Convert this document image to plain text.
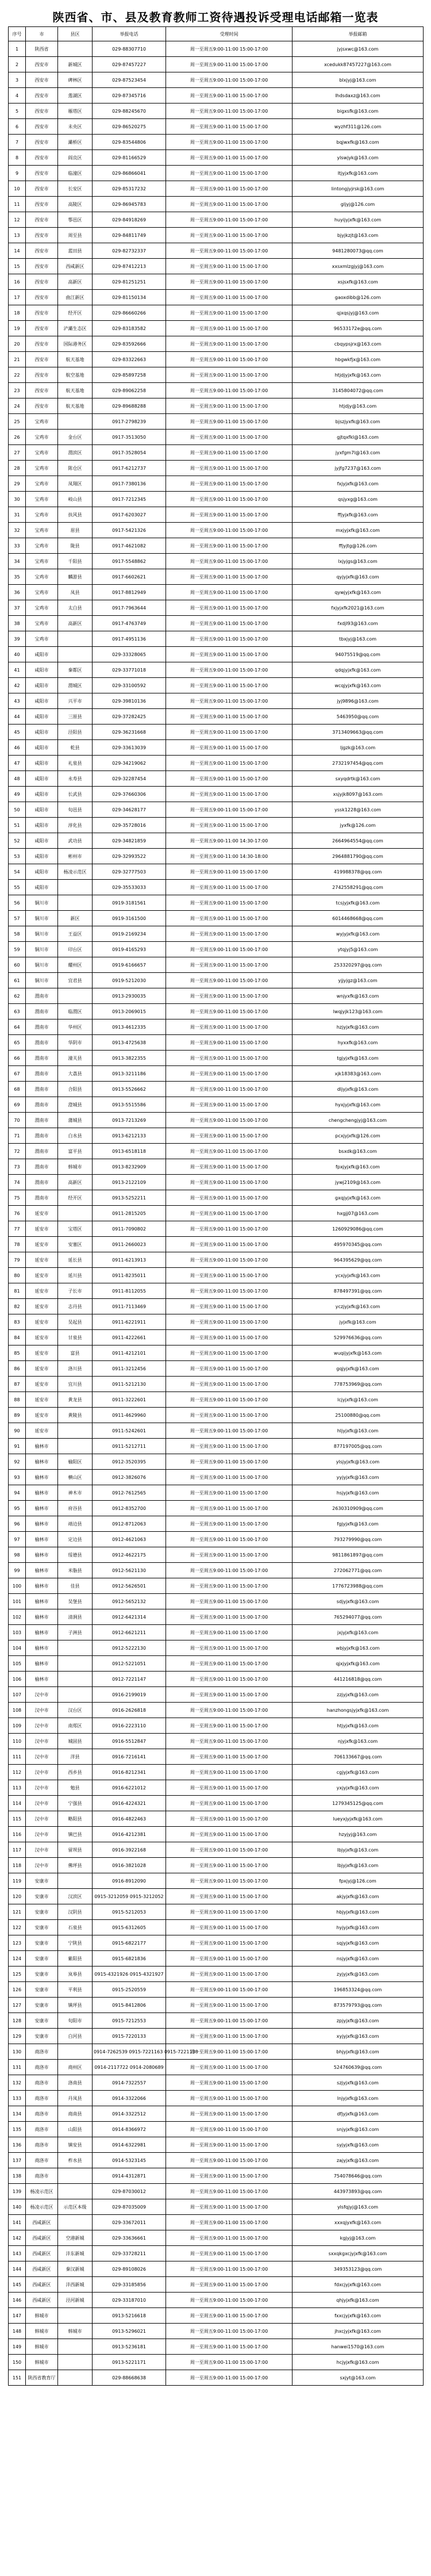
陕西省、市、县及教育教师工资待遇投诉受理电话邮箱一览表
序号	市	县区	举报电话	受理时间	举报邮箱
1	陕西省		029-88307710	周一至周五9:00-11:00 15:00-17:00	jyjsxwc@163.com
2	西安市	新城区	029-87457227	周一至周五9:00-11:00 15:00-17:00	xcedukk87457227@163.com
3	西安市	碑林区	029-87523454	周一至周五9:00-11:00 15:00-17:00	blxjyj@163.com
4	西安市	莲湖区	029-87345716	周一至周五9:00-11:00 15:00-17:00	lhdsdaxz@163.com
5	西安市	雁塔区	029-88245670	周一至周五9:00-11:00 15:00-17:00	bigxsfk@163.com
6	西安市	未央区	029-86520275	周一至周五9:00-11:00 15:00-17:00	wyzhf311@126.com
7	西安市	灞桥区	029-83544806	周一至周五9:00-11:00 15:00-17:00	bqjwxfk@163.com
8	西安市	阎良区	029-81166529	周一至周五9:00-11:00 15:00-17:00	ylswjyk@163.com
9	西安市	临潼区	029-86866041	周一至周五9:00-11:00 15:00-17:00	ltjyjxfk@163.com
10	西安市	长安区	029-85317232	周一至周五9:00-11:00 15:00-17:00	lintongjyjrsk@163.com
11	西安市	高陵区	029-86945783	周一至周五9:00-11:00 15:00-17:00	gljyj@126.com
12	西安市	鄠邑区	029-84918269	周一至周五9:00-11:00 15:00-17:00	huyijyjxfk@163.com
13	西安市	周至县	029-84811749	周一至周五9:00-11:00 15:00-17:00	bjyjkzjt@163.com
14	西安市	蓝田县	029-82732337	周一至周五9:00-11:00 15:00-17:00	9481280073@qq.com
15	西安市	西咸新区	029-87412213	周一至周五9:00-11:00 15:00-17:00	xxsxmlzgjyj@163.com
16	西安市	高新区	029-81251251	周一至周五9:00-11:00 15:00-17:00	xsjsxfk@163.com
17	西安市	曲江新区	029-81150134	周一至周五9:00-11:00 15:00-17:00	gaoxdibb@126.com
18	西安市	经开区	029-86660266	周一至周五9:00-11:00 15:00-17:00	qjxqsjyj@163.com
19	西安市	浐灞生态区	029-83183582	周一至周五9:00-11:00 15:00-17:00	96533172e@qq.com
20	西安市	国际港务区	029-83592666	周一至周五9:00-11:00 15:00-17:00	cbqypsjrx@163.com
21	西安市	航天基地	029-83322663	周一至周五9:00-11:00 15:00-17:00	hbgwkfjx@163.com
22	西安市	航空基地	029-85897258	周一至周五9:00-11:00 15:00-17:00	htjdjyjxfk@163.com
23	西安市	航天基地	029-89062258	周一至周五9:00-11:00 15:00-17:00	3145804072@qq.com
24	西安市	航天基地	029-89688288	周一至周五9:00-11:00 15:00-17:00	htjdjy@163.com
25	宝鸡市		0917-2798239	周一至周五9:00-11:00 15:00-17:00	bjszjyxfk@163.com
26	宝鸡市	金台区	0917-3513050	周一至周五9:00-11:00 15:00-17:00	gjtqxfkl@163.com
27	宝鸡市	渭滨区	0917-3528054	周一至周五9:00-11:00 15:00-17:00	jyxfgm7l@163.com
28	宝鸡市	陈仓区	0917-6212737	周一至周五9:00-11:00 15:00-17:00	jyjfg7237@163.com
29	宝鸡市	凤翔区	0917-7380136	周一至周五9:00-11:00 15:00-17:00	fxjyjxfk@163.com
30	宝鸡市	岐山县	0917-7212345	周一至周五9:00-11:00 15:00-17:00	qsjyxg@163.com
31	宝鸡市	扶风县	0917-6203027	周一至周五9:00-11:00 15:00-17:00	ffjyjxfk@163.com
32	宝鸡市	眉县	0917-5421326	周一至周五9:00-11:00 15:00-17:00	mxjyjxfk@163.com
33	宝鸡市	陇县	0917-4621082	周一至周五9:00-11:00 15:00-17:00	ffjyjtg@126.com
34	宝鸡市	千阳县	0917-5548862	周一至周五9:00-11:00 15:00-17:00	lxjyjgs@163.com
35	宝鸡市	麟游县	0917-6602621	周一至周五9:00-11:00 15:00-17:00	qyjyjxfk@163.com
36	宝鸡市	凤县	0917-8812949	周一至周五9:00-11:00 15:00-17:00	qywjyjxfk@163.com
37	宝鸡市	太白县	0917-7963644	周一至周五9:00-11:00 15:00-17:00	fxjyjxfk2021@163.com
38	宝鸡市	高新区	0917-4763749	周一至周五9:00-11:00 15:00-17:00	fxdjl93@163.com
39	宝鸡市		0917-4951136	周一至周五9:00-11:00 15:00-17:00	tbxjyj@163.com
40	咸阳市		029-33328065	周一至周五9:00-11:00 15:00-17:00	94075519@qq.com
41	咸阳市	秦都区	029-33771018	周一至周五9:00-11:00 15:00-17:00	qdqjyjxfk@163.com
42	咸阳市	渭城区	029-33100592	周一至周五9:00-11:00 15:00-17:00	wcqjyjxfk@163.com
43	咸阳市	兴平市	029-39810136	周一至周五9:00-11:00 15:00-17:00	jyj9896@163.com
44	咸阳市	三原县	029-37282425	周一至周五9:00-11:00 15:00-17:00	5463950@qq.com
45	咸阳市	泾阳县	029-36231668	周一至周五9:00-11:00 15:00-17:00	3713409663@qq.com
46	咸阳市	乾县	029-33613039	周一至周五9:00-11:00 15:00-17:00	ljgzk@163.com
47	咸阳市	礼泉县	029-34219062	周一至周五9:00-11:00 15:00-17:00	2732197454@qq.com
48	咸阳市	永寿县	029-32287454	周一至周五9:00-11:00 15:00-17:00	sxyqdrtk@163.com
49	咸阳市	长武县	029-37660306	周一至周五9:00-11:00 15:00-17:00	xsjyjk8097@163.com
50	咸阳市	旬邑县	029-34628177	周一至周五9:00-11:00 15:00-17:00	yssk1228@163.com
51	咸阳市	淳化县	029-35728016	周一至周五9:00-11:00 15:00-17:00	jyxfk@126.com
52	咸阳市	武功县	029-34821859	周一至周五9:00-11:00 14:30-17:00	2664964554@qq.com
53	咸阳市	彬州市	029-32993522	周一至周五9:00-11:00 14:30-18:00	2964881790@qq.com
54	咸阳市	杨凌示范区	029-32777503	周一至周五9:00-11:00 15:00-17:00	419988378@qq.com
55	咸阳市		029-35533033	周一至周五9:00-11:00 15:00-17:00	2742558291@qq.com
56	铜川市		0919-3181561	周一至周五9:00-11:00 15:00-17:00	tcsjyjxfk@163.com
57	铜川市	新区	0919-3161500	周一至周五9:00-11:00 15:00-17:00	6014468668@qq.com
58	铜川市	王益区	0919-2169234	周一至周五9:00-11:00 15:00-17:00	wyjyjxfk@163.com
59	铜川市	印台区	0919-4165293	周一至周五9:00-11:00 15:00-17:00	ytqjyj5@163.com
60	铜川市	耀州区	0919-6166657	周一至周五9:00-11:00 15:00-17:00	253320297@qq.com
61	铜川市	宜君县	0919-5212030	周一至周五9:00-11:00 15:00-17:00	yjjyjgz@163.com
62	渭南市		0913-2930035	周一至周五9:00-11:00 15:00-17:00	wnjyxfk@163.com
63	渭南市	临渭区	0913-2069015	周一至周五9:00-11:00 15:00-17:00	lwqjyjk123@163.com
64	渭南市	华州区	0913-4612335	周一至周五9:00-11:00 15:00-17:00	hzjyjxfk@163.com
65	渭南市	华阴市	0913-4725638	周一至周五9:00-11:00 15:00-17:00	hyxxfk@163.com
66	渭南市	潼关县	0913-3822355	周一至周五9:00-11:00 15:00-17:00	tgjyjxfk@163.com
67	渭南市	大荔县	0913-3211186	周一至周五9:00-11:00 15:00-17:00	xjk18383@163.com
68	渭南市	合阳县	0913-5526662	周一至周五9:00-11:00 15:00-17:00	dljyjxfk@163.com
69	渭南市	澄城县	0913-5515586	周一至周五9:00-11:00 15:00-17:00	hyxjyjxfk@163.com
70	渭南市	蒲城县	0913-7213269	周一至周五9:00-11:00 15:00-17:00	chengchengjyj@163.com
71	渭南市	白水县	0913-6212133	周一至周五9:00-11:00 15:00-17:00	pcxjyjxfk@126.com
72	渭南市	富平县	0913-6518118	周一至周五9:00-11:00 15:00-17:00	bsxdk@163.com
73	渭南市	韩城市	0913-8232909	周一至周五9:00-11:00 15:00-17:00	fpxjyjxfk@163.com
74	渭南市	高新区	0913-2122109	周一至周五9:00-11:00 15:00-17:00	jywj2109@163.com
75	渭南市	经开区	0913-5252211	周一至周五9:00-11:00 15:00-17:00	gxqjyjxfk@163.com
76	延安市		0911-2815205	周一至周五9:00-11:00 15:00-17:00	hxgjj07@163.com
77	延安市	宝塔区	0911-7090802	周一至周五9:00-11:00 15:00-17:00	1260929086@qq.com
78	延安市	安塞区	0911-2660023	周一至周五9:00-11:00 15:00-17:00	495970345@qq.com
79	延安市	延长县	0911-6213913	周一至周五9:00-11:00 15:00-17:00	964395629@qq.com
80	延安市	延川县	0911-8235011	周一至周五9:00-11:00 15:00-17:00	ycxjyjxfk@163.com
81	延安市	子长市	0911-8112055	周一至周五9:00-11:00 15:00-17:00	878497391@qq.com
82	延安市	志丹县	0911-7113469	周一至周五9:00-11:00 15:00-17:00	yczjyjxfk@163.com
83	延安市	吴起县	0911-6221911	周一至周五9:00-11:00 15:00-17:00	jyjxfk@163.com
84	延安市	甘泉县	0911-4222661	周一至周五9:00-11:00 15:00-17:00	529976636@qq.com
85	延安市	富县	0911-4212101	周一至周五9:00-11:00 15:00-17:00	wuqijyjxfk@163.com
86	延安市	洛川县	0911-3212456	周一至周五9:00-11:00 15:00-17:00	gqjyjxfk@163.com
87	延安市	宜川县	0911-5212130	周一至周五9:00-11:00 15:00-17:00	778753969@qq.com
88	延安市	黄龙县	0911-3222601	周一至周五9:00-11:00 15:00-17:00	lcjyjxfk@163.com
89	延安市	黄陵县	0911-4629960	周一至周五9:00-11:00 15:00-17:00	25100880@qq.com
90	延安市		0911-5242601	周一至周五9:00-11:00 15:00-17:00	hljyjxfk@163.com
91	榆林市		0911-5212711	周一至周五9:00-11:00 15:00-17:00	877197005@qq.com
92	榆林市	榆阳区	0912-3520395	周一至周五9:00-11:00 15:00-17:00	ylsjyjxfk@163.com
93	榆林市	横山区	0912-3826076	周一至周五9:00-11:00 15:00-17:00	yyjyjxfk@163.com
94	榆林市	神木市	0912-7612565	周一至周五9:00-11:00 15:00-17:00	hsjyjxfk@163.com
95	榆林市	府谷县	0912-8352700	周一至周五9:00-11:00 15:00-17:00	2630310909@qq.com
96	榆林市	靖边县	0912-8712063	周一至周五9:00-11:00 15:00-17:00	fgjyjxfk@163.com
97	榆林市	定边县	0912-4621063	周一至周五9:00-11:00 15:00-17:00	793279990@qq.com
98	榆林市	绥德县	0912-4622175	周一至周五9:00-11:00 15:00-17:00	9811861897@qq.com
99	榆林市	米脂县	0912-5621130	周一至周五9:00-11:00 15:00-17:00	272062771@qq.com
100	榆林市	佳县	0912-5626501	周一至周五9:00-11:00 15:00-17:00	1776723988@qq.com
101	榆林市	吴堡县	0912-5652132	周一至周五9:00-11:00 15:00-17:00	sdjyjxfk@163.com
102	榆林市	清涧县	0912-6421314	周一至周五9:00-11:00 15:00-17:00	765294077@qq.com
103	榆林市	子洲县	0912-6621211	周一至周五9:00-11:00 15:00-17:00	jxjyjxfk@163.com
104	榆林市		0912-5222130	周一至周五9:00-11:00 15:00-17:00	wbjyjxfk@163.com
105	榆林市		0912-5221051	周一至周五9:00-11:00 15:00-17:00	qjxjyjxfk@163.com
106	榆林市		0912-7221147	周一至周五9:00-11:00 15:00-17:00	441216818@qq.com
107	汉中市		0916-2199019	周一至周五9:00-11:00 15:00-17:00	zzjyjxfk@163.com
108	汉中市	汉台区	0916-2626818	周一至周五9:00-11:00 15:00-17:00	hanzhongsjyjxfk@163.com
109	汉中市	南郑区	0916-2223110	周一至周五9:00-11:00 15:00-17:00	htjyjxfk@163.com
110	汉中市	城固县	0916-5512847	周一至周五9:00-11:00 15:00-17:00	njyjxfk@163.com
111	汉中市	洋县	0916-7216141	周一至周五9:00-11:00 15:00-17:00	706133667@qq.com
112	汉中市	西乡县	0916-8212341	周一至周五9:00-11:00 15:00-17:00	cgjyjxfk@163.com
113	汉中市	勉县	0916-6221012	周一至周五9:00-11:00 15:00-17:00	yxjyjxfk@163.com
114	汉中市	宁强县	0916-4224321	周一至周五9:00-11:00 15:00-17:00	1279345125@qq.com
115	汉中市	略阳县	0916-4822463	周一至周五9:00-11:00 15:00-17:00	lueyxjyjxfk@163.com
116	汉中市	镇巴县	0916-4212381	周一至周五9:00-11:00 15:00-17:00	hzyjyj@163.com
117	汉中市	留坝县	0916-3922168	周一至周五9:00-11:00 15:00-17:00	lbjyjxfk@163.com
118	汉中市	佛坪县	0916-3821028	周一至周五9:00-11:00 15:00-17:00	lbjyjxfk@163.com
119	安康市		0916-8912090	周一至周五9:00-11:00 15:00-17:00	fpxjyj@126.com
120	安康市	汉滨区	0915-3212059 0915-3212052	周一至周五9:00-11:00 15:00-17:00	akjyjxfk@163.com
121	安康市	汉阴县	0915-5212053	周一至周五9:00-11:00 15:00-17:00	hbjyjxfk@163.com
122	安康市	石泉县	0915-6312605	周一至周五9:00-11:00 15:00-17:00	hyjyjxfk@163.com
123	安康市	宁陕县	0915-6822177	周一至周五9:00-11:00 15:00-17:00	sqjyjxfk@163.com
124	安康市	紫阳县	0915-6821836	周一至周五9:00-11:00 15:00-17:00	nsjyjxfk@163.com
125	安康市	岚皋县	0915-4321926 0915-4321927	周一至周五9:00-11:00 15:00-17:00	zyjyjxfk@163.com
126	安康市	平利县	0915-2520559	周一至周五9:00-11:00 15:00-17:00	196853324@qq.com
127	安康市	镇坪县	0915-8412806	周一至周五9:00-11:00 15:00-17:00	873579793@qq.com
128	安康市	旬阳市	0915-7212553	周一至周五9:00-11:00 15:00-17:00	zpjyjxfk@163.com
129	安康市	白河县	0915-7220133	周一至周五9:00-11:00 15:00-17:00	xyjyjxfk@163.com
130	商洛市		0914-7262539 0915-7221163 0915-7221138	周一至周五9:00-11:00 15:00-17:00	bhjyjxfk@163.com
131	商洛市	商州区	0914-2117722 0914-2080689	周一至周五9:00-11:00 15:00-17:00	524760639@qq.com
132	商洛市	洛南县	0914-7322557	周一至周五9:00-11:00 15:00-17:00	szjyjxfk@163.com
133	商洛市	丹凤县	0914-3322066	周一至周五9:00-11:00 15:00-17:00	lnjyjxfk@163.com
134	商洛市	商南县	0914-3322512	周一至周五9:00-11:00 15:00-17:00	dfjyjxfk@163.com
135	商洛市	山阳县	0914-8366972	周一至周五9:00-11:00 15:00-17:00	snjyjxfk@163.com
136	商洛市	镇安县	0914-6322981	周一至周五9:00-11:00 15:00-17:00	syjyjxfk@163.com
137	商洛市	柞水县	0914-5323145	周一至周五9:00-11:00 15:00-17:00	zajyjxfk@163.com
138	商洛市		0914-4312871	周一至周五9:00-11:00 15:00-17:00	754078646@qq.com
139	杨凌示范区		029-87030012	周一至周五9:00-11:00 15:00-17:00	443973893@qq.com
140	杨凌示范区	示范区本级	029-87035009	周一至周五9:00-11:00 15:00-17:00	ylsfqjyj@163.com
141	西咸新区		029-33672011	周一至周五9:00-11:00 15:00-17:00	xxxqjyxfk@163.com
142	西咸新区	空港新城	029-33636661	周一至周五9:00-11:00 15:00-17:00	kgjyj@163.com
143	西咸新区	沣东新城	029-33728211	周一至周五9:00-11:00 15:00-17:00	sxxqkgxcjyjxfk@163.com
144	西咸新区	秦汉新城	029-89108026	周一至周五9:00-11:00 15:00-17:00	349353123@qq.com
145	西咸新区	沣西新城	029-33185856	周一至周五9:00-11:00 15:00-17:00	fdxcjyjxfk@163.com
146	西咸新区	泾河新城	029-33187010	周一至周五9:00-11:00 15:00-17:00	qhjyjxfk@163.com
147	韩城市		0913-5216618	周一至周五9:00-11:00 15:00-17:00	fxxcjyjxfk@163.com
148	韩城市	韩城市	0913-5296021	周一至周五9:00-11:00 15:00-17:00	jhxcjyjxfk@163.com
149	韩城市		0913-5236181	周一至周五9:00-11:00 15:00-17:00	hanwei1570@163.com
150	韩城市		0913-5221171	周一至周五9:00-11:00 15:00-17:00	hcjyjxfk@163.com
151	陕西省教育厅		029-88668638	周一至周五9:00-11:00 15:00-17:00	sxjyt@163.com
